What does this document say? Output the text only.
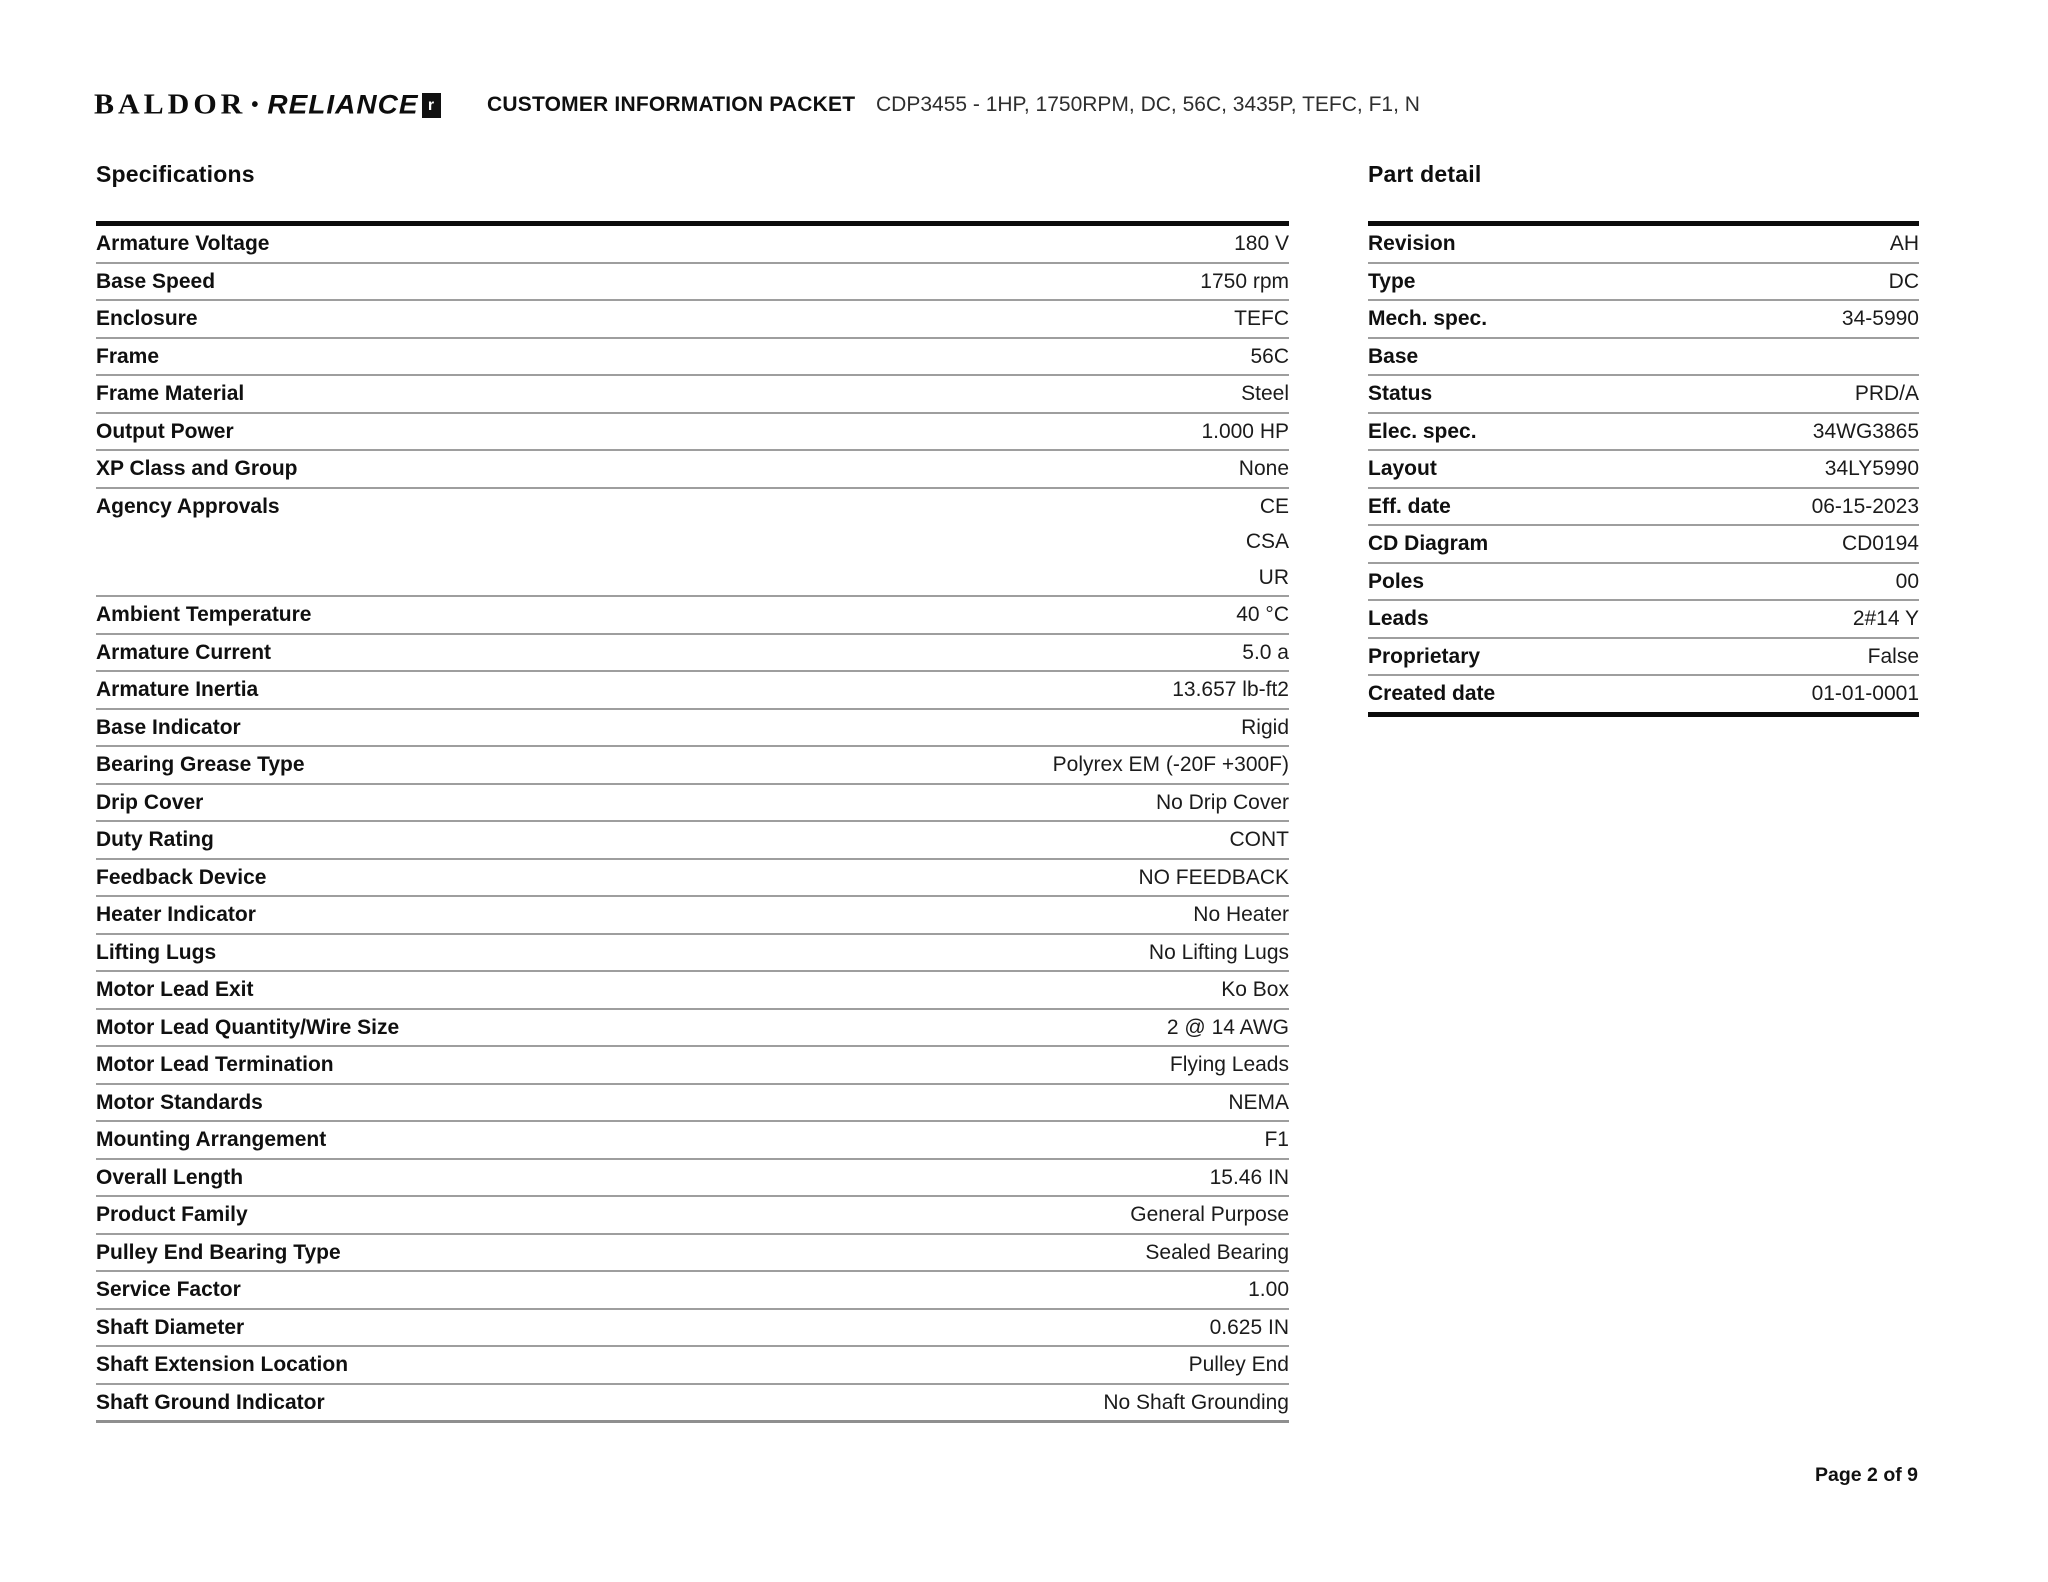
BALDOR • RELIANCE r	CUSTOMER INFORMATION PACKET CDP3455 - 1HP, 1750RPM, DC, 56C, 3435P, TEFC, F1, N
Specifications
Armature Voltage	180 V
Base Speed	1750 rpm
Enclosure	TEFC
Frame	56C
Frame Material	Steel
Output Power	1.000 HP
XP Class and Group	None
Agency Approvals	CE
CSA
UR
Ambient Temperature	40 °C
Armature Current	5.0 a
Armature Inertia	13.657 lb-ft2
Base Indicator	Rigid
Bearing Grease Type	Polyrex EM (-20F +300F)
Drip Cover	No Drip Cover
Duty Rating	CONT
Feedback Device	NO FEEDBACK
Heater Indicator	No Heater
Lifting Lugs	No Lifting Lugs
Motor Lead Exit	Ko Box
Motor Lead Quantity/Wire Size	2 @ 14 AWG
Motor Lead Termination	Flying Leads
Motor Standards	NEMA
Mounting Arrangement	F1
Overall Length	15.46 IN
Product Family	General Purpose
Pulley End Bearing Type	Sealed Bearing
Service Factor	1.00
Shaft Diameter	0.625 IN
Shaft Extension Location	Pulley End
Shaft Ground Indicator	No Shaft Grounding
Part detail
Revision	AH
Type	DC
Mech. spec.	34-5990
Base
Status	PRD/A
Elec. spec.	34WG3865
Layout	34LY5990
Eff. date	06-15-2023
CD Diagram	CD0194
Poles	00
Leads	2#14 Y
Proprietary	False
Created date	01-01-0001
Page 2 of 9
